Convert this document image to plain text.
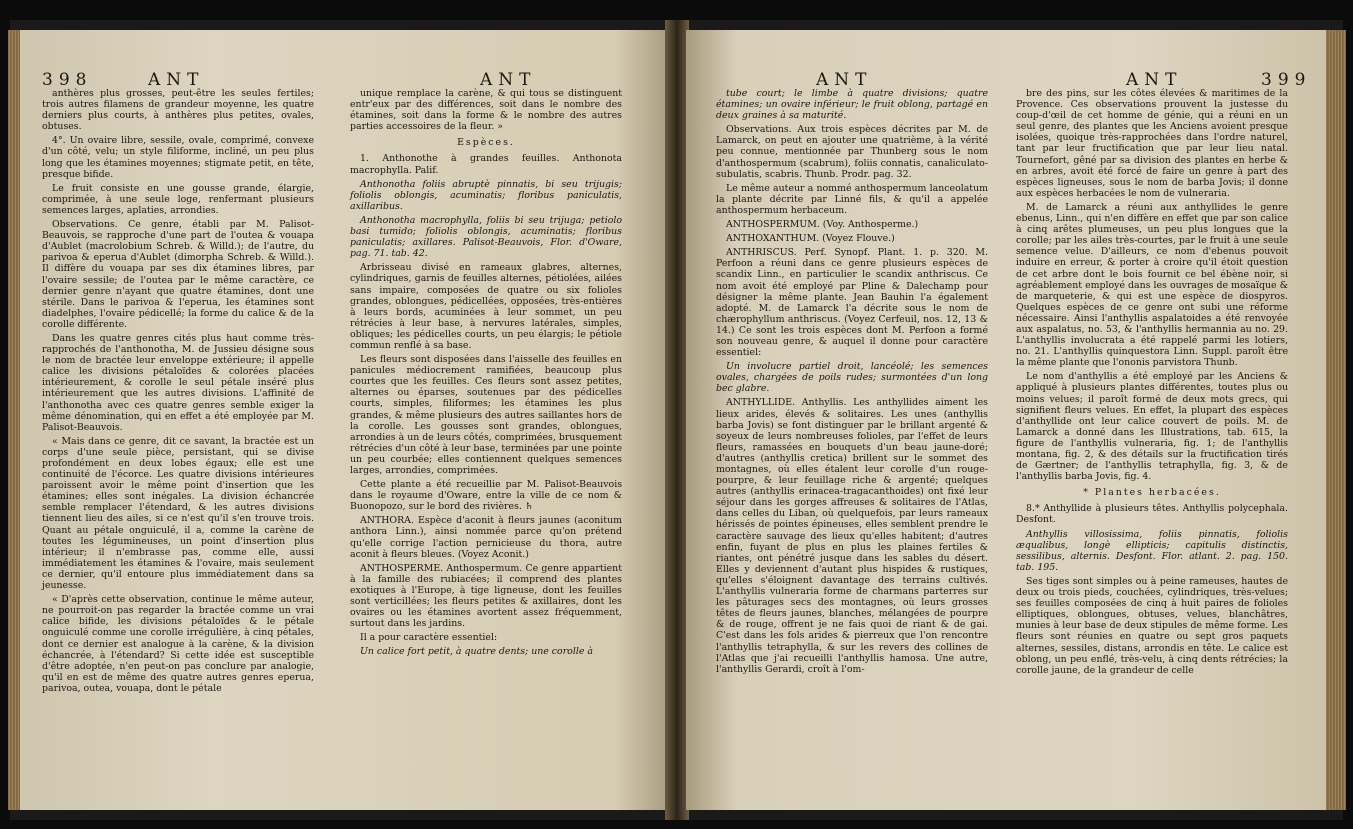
398	ANT	ANT

anthères plus grosses, peut-être les seules fertiles; trois autres filamens de grandeur moyenne, les quatre derniers plus courts, à anthères plus petites, ovales, obtuses.

4°. Un ovaire libre, sessile, ovale, comprimé, convexe d'un côté, velu; un style filiforme, incliné, un peu plus long que les étamines moyennes; stigmate petit, en tête, presque bifide.

Le fruit consiste en une gousse grande, élargie, comprimée, à une seule loge, renfermant plusieurs semences larges, aplaties, arrondies.

Observations. Ce genre, établi par M. Palisot-Beauvois, se rapproche d'une part de l'outea & vouapa d'Aublet (macrolobium Schreb. & Willd.); de l'autre, du parivoa & eperua d'Aublet (dimorpha Schreb. & Willd.). Il diffère du vouapa par ses dix étamines libres, par l'ovaire sessile; de l'outea par le même caractère, ce dernier genre n'ayant que quatre étamines, dont une stérile. Dans le parivoa & l'eperua, les étamines sont diadelphes, l'ovaire pédicellé; la forme du calice & de la corolle différente.

Dans les quatre genres cités plus haut comme très-rapprochés de l'anthonotha, M. de Jussieu désigne sous le nom de bractée leur enveloppe extérieure; il appelle calice les divisions pétaloïdes & colorées placées intérieurement, & corolle le seul pétale inséré plus intérieurement que les autres divisions. L'affinité de l'anthonotha avec ces quatre genres semble exiger la même dénomination, qui en effet a été employée par M. Palisot-Beauvois.

« Mais dans ce genre, dit ce savant, la bractée est un corps d'une seule pièce, persistant, qui se divise profondément en deux lobes égaux; elle est une continuité de l'écorce. Les quatre divisions intérieures paroissent avoir le même point d'insertion que les étamines; elles sont inégales. La division échancrée semble remplacer l'étendard, & les autres divisions tiennent lieu des ailes, si ce n'est qu'il s'en trouve trois. Quant au pétale onguiculé, il a, comme la carène de toutes les légumineuses, un point d'insertion plus intérieur; il n'embrasse pas, comme elle, aussi immédiatement les étamines & l'ovaire, mais seulement ce dernier, qu'il entoure plus immédiatement dans sa jeunesse.

« D'après cette observation, continue le même auteur, ne pourroit-on pas regarder la bractée comme un vrai calice bifide, les divisions pétaloïdes & le pétale onguiculé comme une corolle irrégulière, à cinq pétales, dont ce dernier est analogue à la carène, & la division échancrée, à l'étendard? Si cette idée est susceptible d'être adoptée, n'en peut-on pas conclure par analogie, qu'il en est de même des quatre autres genres eperua, parivoa, outea, vouapa, dont le pétale

unique remplace la carène, & qui tous se distinguent entr'eux par des différences, soit dans le nombre des étamines, soit dans la forme & le nombre des autres parties accessoires de la fleur. »

Espèces.

1. Anthonothe à grandes feuilles. Anthonota macrophylla. Palif.

Anthonotha foliis abruptè pinnatis, bi seu trijugis; foliolis oblongis, acuminatis; floribus paniculatis, axillaribus.

Anthonotha macrophylla, foliis bi seu trijuga; petiolo basi tumido; foliolis oblongis, acuminatis; floribus paniculatis; axillares. Palisot-Beauvois, Flor. d'Oware, pag. 71. tab. 42.

Arbrisseau divisé en rameaux glabres, alternes, cylindriques, garnis de feuilles alternes, pétiolées, ailées sans impaire, composées de quatre ou six folioles grandes, oblongues, pédicellées, opposées, très-entières à leurs bords, acuminées à leur sommet, un peu rétrécies à leur base, à nervures latérales, simples, obliques; les pédicelles courts, un peu élargis; le pétiole commun renflé à sa base.

Les fleurs sont disposées dans l'aisselle des feuilles en panicules médiocrement ramifiées, beaucoup plus courtes que les feuilles. Ces fleurs sont assez petites, alternes ou éparses, soutenues par des pédicelles courts, simples, filiformes; les étamines les plus grandes, & même plusieurs des autres saillantes hors de la corolle. Les gousses sont grandes, oblongues, arrondies à un de leurs côtés, comprimées, brusquement rétrécies d'un côté à leur base, terminées par une pointe un peu courbée; elles contiennent quelques semences larges, arrondies, comprimées.

Cette plante a été recueillie par M. Palisot-Beauvois dans le royaume d'Oware, entre la ville de ce nom & Buonopozo, sur le bord des rivières. ♄

ANTHORA. Espèce d'aconit à fleurs jaunes (aconitum anthora Linn.), ainsi nommée parce qu'on prétend qu'elle corrige l'action pernicieuse du thora, autre aconit à fleurs bleues. (Voyez Aconit.)

ANTHOSPERME. Anthospermum. Ce genre appartient à la famille des rubiacées; il comprend des plantes exotiques à l'Europe, à tige ligneuse, dont les feuilles sont verticillées; les fleurs petites & axillaires, dont les ovaires ou les étamines avortent assez fréquemment, surtout dans les jardins.

Il a pour caractère essentiel:

Un calice fort petit, à quatre dents; une corolle à

ANT	ANT	399

tube court; le limbe à quatre divisions; quatre étamines; un ovaire inférieur; le fruit oblong, partagé en deux graines à sa maturité.

Observations. Aux trois espèces décrites par M. de Lamarck, on peut en ajouter une quatrième, à la vérité peu connue, mentionnée par Thunberg sous le nom d'anthospermum (scabrum), foliis connatis, canaliculato-subulatis, scabris. Thunb. Prodr. pag. 32.

Le même auteur a nommé anthospermum lanceolatum la plante décrite par Linné fils, & qu'il a appelée anthospermum herbaceum.

ANTHOSPERMUM. (Voy. Anthosperme.)

ANTHOXANTHUM. (Voyez Flouve.)

ANTHRISCUS. Perf. Synopf. Plant. 1. p. 320. M. Perfoon a réuni dans ce genre plusieurs espèces de scandix Linn., en particulier le scandix anthriscus. Ce nom avoit été employé par Pline & Dalechamp pour désigner la même plante. Jean Bauhin l'a également adopté. M. de Lamarck l'a décrite sous le nom de chærophyllum anthriscus. (Voyez Cerfeuil, nos. 12, 13 & 14.) Ce sont les trois espèces dont M. Perfoon a formé son nouveau genre, & auquel il donne pour caractère essentiel:

Un involucre partiel droit, lancéolé; les semences ovales, chargées de poils rudes; surmontées d'un long bec glabre.

ANTHYLLIDE. Anthyllis. Les anthyllides aiment les lieux arides, élevés & solitaires. Les unes (anthyllis barba Jovis) se font distinguer par le brillant argenté & soyeux de leurs nombreuses folioles, par l'effet de leurs fleurs, ramassées en bouquets d'un beau jaune-doré; d'autres (anthyllis cretica) brillent sur le sommet des montagnes, où elles étalent leur corolle d'un rouge-pourpre, & leur feuillage riche & argenté; quelques autres (anthyllis erinacea-tragacanthoides) ont fixé leur séjour dans les gorges affreuses & solitaires de l'Atlas, dans celles du Liban, où quelquefois, par leurs rameaux hérissés de pointes épineuses, elles semblent prendre le caractère sauvage des lieux qu'elles habitent; d'autres enfin, fuyant de plus en plus les plaines fertiles & riantes, ont pénétré jusque dans les sables du désert. Elles y deviennent d'autant plus hispides & rustiques, qu'elles s'éloignent davantage des terrains cultivés. L'anthyllis vulneraria forme de charmans parterres sur les pâturages secs des montagnes, où leurs grosses têtes de fleurs jaunes, blanches, mélangées de pourpre & de rouge, offrent je ne fais quoi de riant & de gai. C'est dans les fols arides & pierreux que l'on rencontre l'anthyllis tetraphylla, & sur les revers des collines de l'Atlas que j'ai recueilli l'anthyllis hamosa. Une autre, l'anthyllis Gerardi, croît à l'om-

bre des pins, sur les côtes élevées & maritimes de la Provence. Ces observations prouvent la justesse du coup-d'œil de cet homme de génie, qui a réuni en un seul genre, des plantes que les Anciens avoient presque isolées, quoique très-rapprochées dans l'ordre naturel, tant par leur fructification que par leur lieu natal. Tournefort, gêné par sa division des plantes en herbe & en arbres, avoit été forcé de faire un genre à part des espèces ligneuses, sous le nom de barba Jovis; il donne aux espèces herbacées le nom de vulneraria.

M. de Lamarck a réuni aux anthyllides le genre ebenus, Linn., qui n'en diffère en effet que par son calice à cinq arêtes plumeuses, un peu plus longues que la corolle; par les ailes très-courtes, par le fruit à une seule semence velue. D'ailleurs, ce nom d'ebenus pouvoit induire en erreur, & porter à croire qu'il étoit question de cet arbre dont le bois fournit ce bel ébène noir, si agréablement employé dans les ouvrages de mosaïque & de marqueterie, & qui est une espèce de diospyros. Quelques espèces de ce genre ont subi une réforme nécessaire. Ainsi l'anthyllis aspalatoides a été renvoyée aux aspalatus, no. 53, & l'anthyllis hermannia au no. 29. L'anthyllis involucrata a été rappelé parmi les lotiers, no. 21. L'anthyllis quinquestora Linn. Suppl. paroît être la même plante que l'ononis parvistora Thunb.

Le nom d'anthyllis a été employé par les Anciens & appliqué à plusieurs plantes différentes, toutes plus ou moins velues; il paroît formé de deux mots grecs, qui signifient fleurs velues. En effet, la plupart des espèces d'anthyllide ont leur calice couvert de poils. M. de Lamarck a donné dans les Illustrations, tab. 615, la figure de l'anthyllis vulneraria, fig. 1; de l'anthyllis montana, fig. 2, & des détails sur la fructification tirés de Gærtner; de l'anthyllis tetraphylla, fig. 3, & de l'anthyllis barba Jovis, fig. 4.

* Plantes herbacées.

8.* Anthyllide à plusieurs têtes. Anthyllis polycephala. Desfont.

Anthyllis villosissima, foliis pinnatis, foliolis æqualibus, longè ellipticis; capitulis distinctis, sessilibus, alternis. Desfont. Flor. atlant. 2. pag. 150. tab. 195.

Ses tiges sont simples ou à peine rameuses, hautes de deux ou trois pieds, couchées, cylindriques, très-velues; ses feuilles composées de cinq à huit paires de folioles elliptiques, oblongues, obtuses, velues, blanchâtres, munies à leur base de deux stipules de même forme. Les fleurs sont réunies en quatre ou sept gros paquets alternes, sessiles, distans, arrondis en tête. Le calice est oblong, un peu enflé, très-velu, à cinq dents rétrécies; la corolle jaune, de la grandeur de celle
